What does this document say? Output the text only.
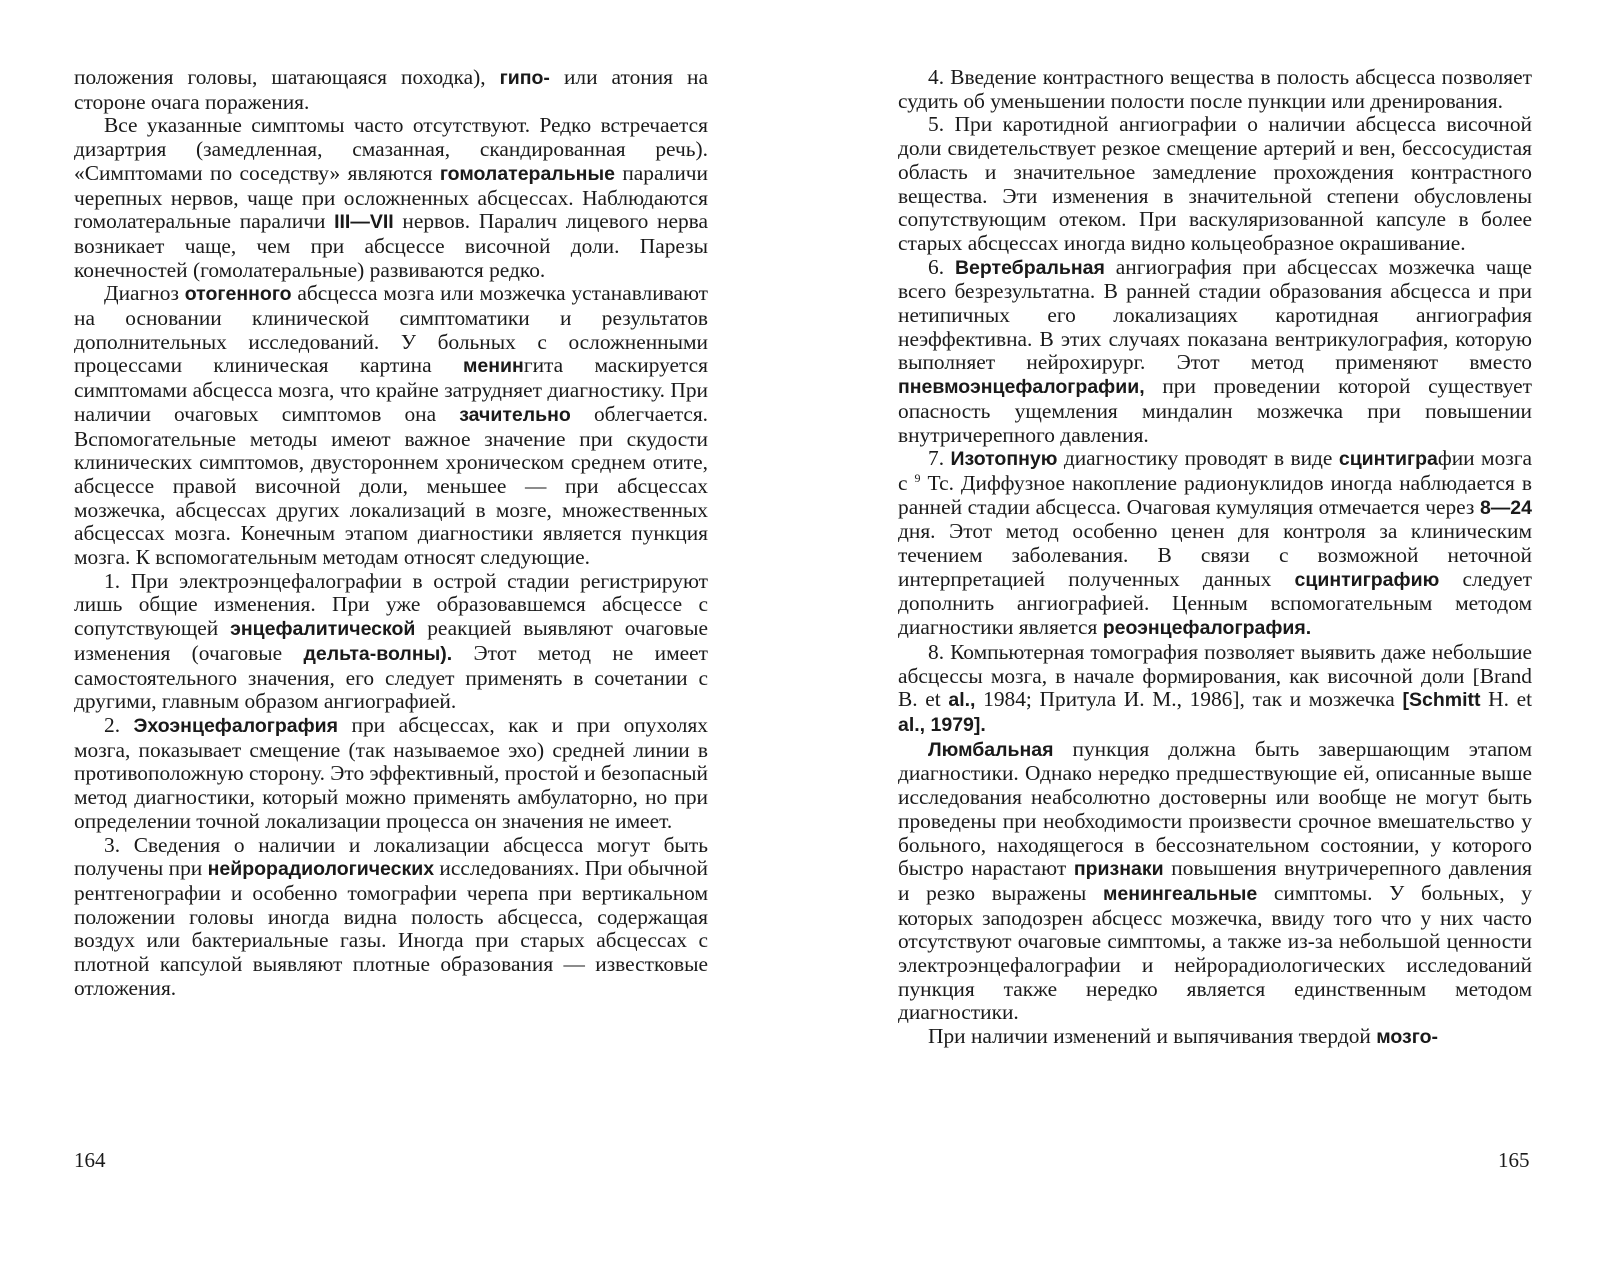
положения головы, шатающаяся походка), гипо- или атония на стороне очага поражения.

Все указанные симптомы часто отсутствуют. Редко встречается дизартрия (замедленная, смазанная, скандированная речь). «Симптомами по соседству» являются гомолатеральные параличи черепных нервов, чаще при осложненных абсцессах. Наблюдаются гомолатеральные параличи III—VII нервов. Паралич лицевого нерва возникает чаще, чем при абсцессе височной доли. Парезы конечностей (гомолатеральные) развиваются редко.

Диагноз отогенного абсцесса мозга или мозжечка устанавливают на основании клинической симптоматики и результатов дополнительных исследований. У больных с осложненными процессами клиническая картина менингита маскируется симптомами абсцесса мозга, что крайне затрудняет диагностику. При наличии очаговых симптомов она зачительно облегчается. Вспомогательные методы имеют важное значение при скудости клинических симптомов, двустороннем хроническом среднем отите, абсцессе правой височной доли, меньшее — при абсцессах мозжечка, абсцессах других локализаций в мозге, множественных абсцессах мозга. Конечным этапом диагностики является пункция мозга. К вспомогательным методам относят следующие.

1. При электроэнцефалографии в острой стадии регистрируют лишь общие изменения. При уже образовавшемся абсцессе с сопутствующей энцефалитической реакцией выявляют очаговые изменения (очаговые дельта-волны). Этот метод не имеет самостоятельного значения, его следует применять в сочетании с другими, главным образом ангиографией.

2. Эхоэнцефалография при абсцессах, как и при опухолях мозга, показывает смещение (так называемое эхо) средней линии в противоположную сторону. Это эффективный, простой и безопасный метод диагностики, который можно применять амбулаторно, но при определении точной локализации процесса он значения не имеет.

3. Сведения о наличии и локализации абсцесса могут быть получены при нейрорадиологических исследованиях. При обычной рентгенографии и особенно томографии черепа при вертикальном положении головы иногда видна полость абсцесса, содержащая воздух или бактериальные газы. Иногда при старых абсцессах с плотной капсулой выявляют плотные образования — известковые отложения.

4. Введение контрастного вещества в полость абсцесса позволяет судить об уменьшении полости после пункции или дренирования.

5. При каротидной ангиографии о наличии абсцесса височной доли свидетельствует резкое смещение артерий и вен, бессосудистая область и значительное замедление прохождения контрастного вещества. Эти изменения в значительной степени обусловлены сопутствующим отеком. При васкуляризованной капсуле в более старых абсцессах иногда видно кольцеобразное окрашивание.

6. Вертебральная ангиография при абсцессах мозжечка чаще всего безрезультатна. В ранней стадии образования абсцесса и при нетипичных его локализациях каротидная ангиография неэффективна. В этих случаях показана вентрикулография, которую выполняет нейрохирург. Этот метод применяют вместо пневмоэнцефалографии, при проведении которой существует опасность ущемления миндалин мозжечка при повышении внутричерепного давления.

7. Изотопную диагностику проводят в виде сцинтиграфии мозга с $^9$ Tc. Диффузное накопление радионуклидов иногда наблюдается в ранней стадии абсцесса. Очаговая кумуляция отмечается через 8—24 дня. Этот метод особенно ценен для контроля за клиническим течением заболевания. В связи с возможной неточной интерпретацией полученных данных сцинтиграфию следует дополнить ангиографией. Ценным вспомогательным методом диагностики является реоэнцефалография.

8. Компьютерная томография позволяет выявить даже небольшие абсцессы мозга, в начале формирования, как височной доли [Brand B. et al., 1984; Притула И. М., 1986], так и мозжечка [Schmitt H. et al., 1979].

Люмбальная пункция должна быть завершающим этапом диагностики. Однако нередко предшествующие ей, описанные выше исследования неабсолютно достоверны или вообще не могут быть проведены при необходимости произвести срочное вмешательство у больного, находящегося в бессознательном состоянии, у которого быстро нарастают признаки повышения внутричерепного давления и резко выражены менингеальные симптомы. У больных, у которых заподозрен абсцесс мозжечка, ввиду того что у них часто отсутствуют очаговые симптомы, а также из-за небольшой ценности электроэнцефалографии и нейрорадиологических исследований пункция также нередко является единственным методом диагностики.

При наличии изменений и выпячивания твердой мозго-

164	165
